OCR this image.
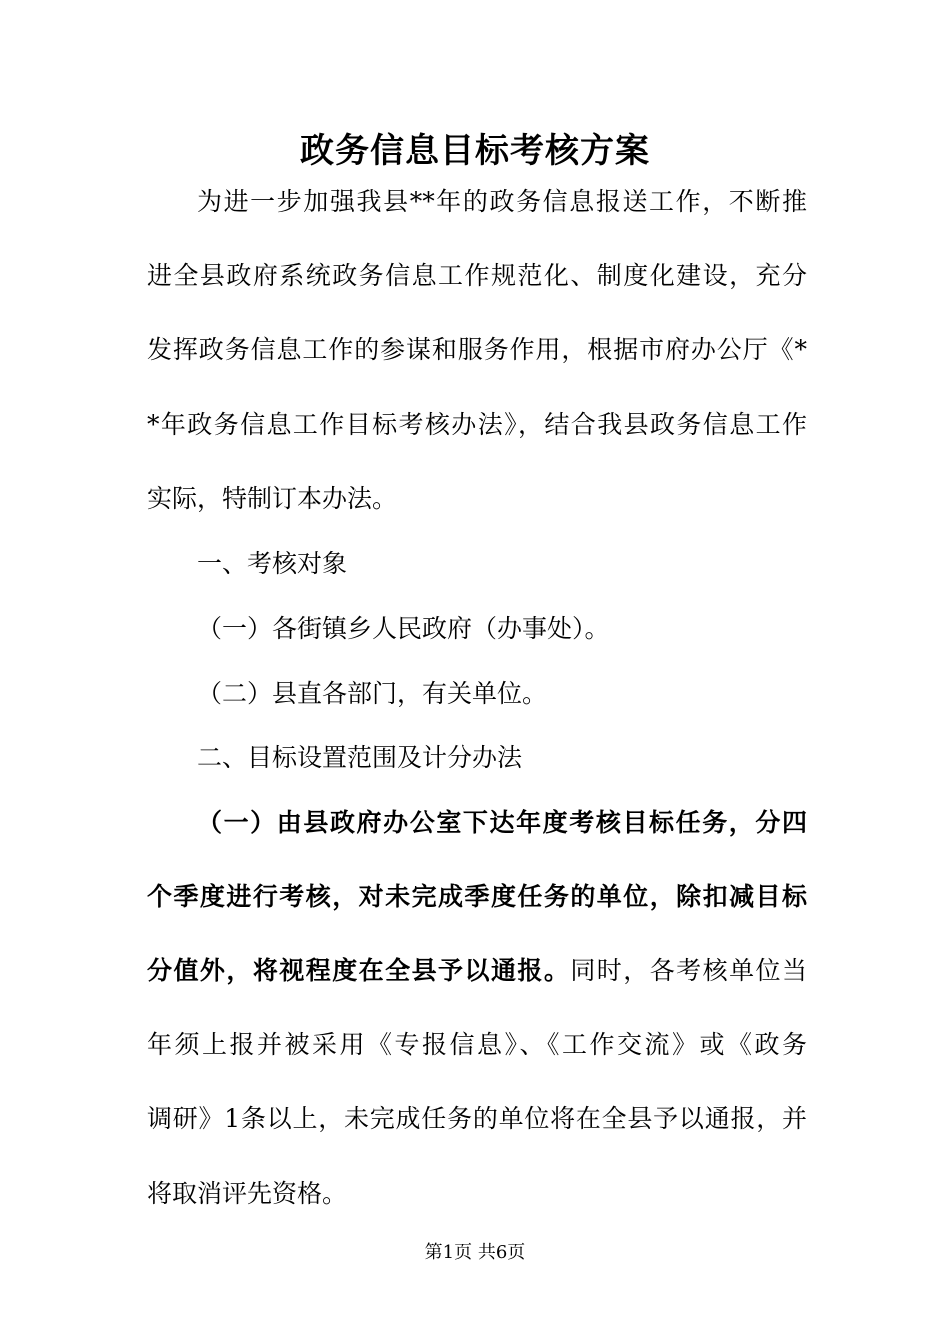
政务信息目标考核方案
为进一步加强我县**年的政务信息报送工作，不断推
进全县政府系统政务信息工作规范化、制度化建设，充分
发挥政务信息工作的参谋和服务作用，根据市府办公厅《*
*年政务信息工作目标考核办法》，结合我县政务信息工作
实际，特制订本办法。
一、考核对象
（一）各街镇乡人民政府（办事处）。
（二）县直各部门，有关单位。
二、目标设置范围及计分办法
（一）由县政府办公室下达年度考核目标任务，分四
个季度进行考核，对未完成季度任务的单位，除扣减目标
分值外，将视程度在全县予以通报。同时，各考核单位当
年须上报并被采用《专报信息》、《工作交流》或《政务
调研》1条以上，未完成任务的单位将在全县予以通报，并
将取消评先资格。
第1页 共6页
